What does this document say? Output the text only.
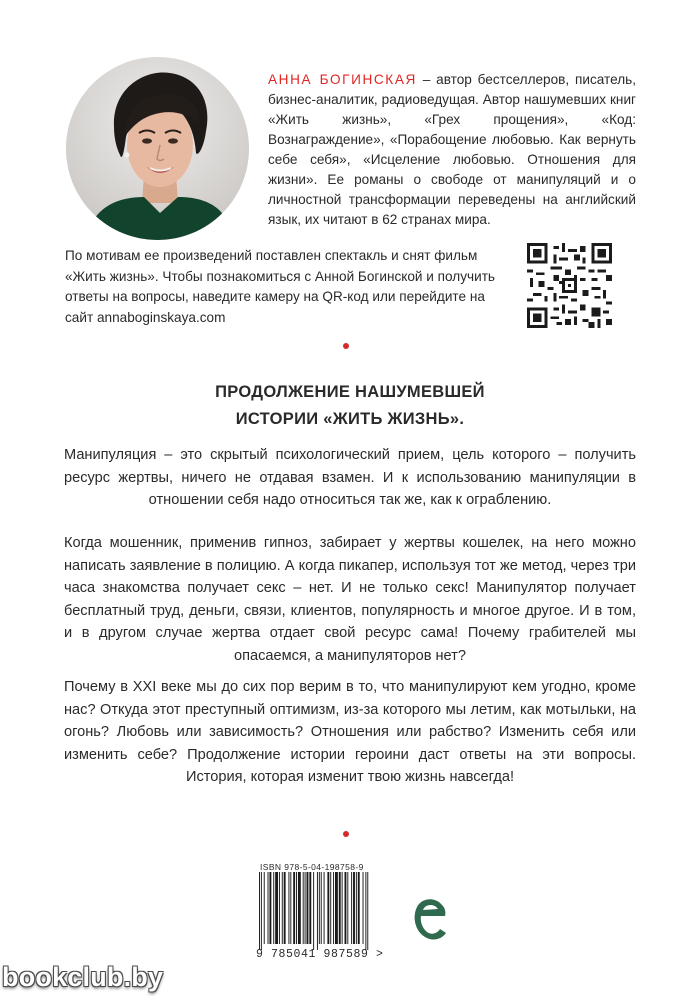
АННА БОГИНСКАЯ – автор бестселлеров, писатель, бизнес-аналитик, радиоведущая. Автор нашумевших книг «Жить жизнь», «Грех прощения», «Код: Вознаграждение», «Порабощение любовью. Как вернуть себе себя», «Исцеление любовью. Отношения для жизни». Ее романы о свободе от манипуляций и о личностной трансформации переведены на английский язык, их читают в 62 странах мира.

По мотивам ее произведений поставлен спектакль и снят фильм «Жить жизнь». Чтобы познакомиться с Анной Богинской и получить ответы на вопросы, наведите камеру на QR-код или перейдите на сайт annaboginskaya.com

ПРОДОЛЖЕНИЕ НАШУМЕВШЕЙ
ИСТОРИИ «ЖИТЬ ЖИЗНЬ».

Манипуляция – это скрытый психологический прием, цель которого – получить ресурс жертвы, ничего не отдавая взамен. И к использованию манипуляции в отношении себя надо относиться так же, как к ограблению.

Когда мошенник, применив гипноз, забирает у жертвы кошелек, на него можно написать заявление в полицию. А когда пикапер, используя тот же метод, через три часа знакомства получает секс – нет. И не только секс! Манипулятор получает бесплатный труд, деньги, связи, клиентов, популярность и многое другое. И в том, и в другом случае жертва отдает свой ресурс сама! Почему грабителей мы опасаемся, а манипуляторов нет?

Почему в XXI веке мы до сих пор верим в то, что манипулируют кем угодно, кроме нас? Откуда этот преступный оптимизм, из-за которого мы летим, как мотыльки, на огонь? Любовь или зависимость? Отношения или рабство? Изменить себя или изменить себе? Продолжение истории героини даст ответы на эти вопросы. История, которая изменит твою жизнь навсегда!

ISBN 978-5-04-198758-9
9 785041 987589 >
bookclub.by
